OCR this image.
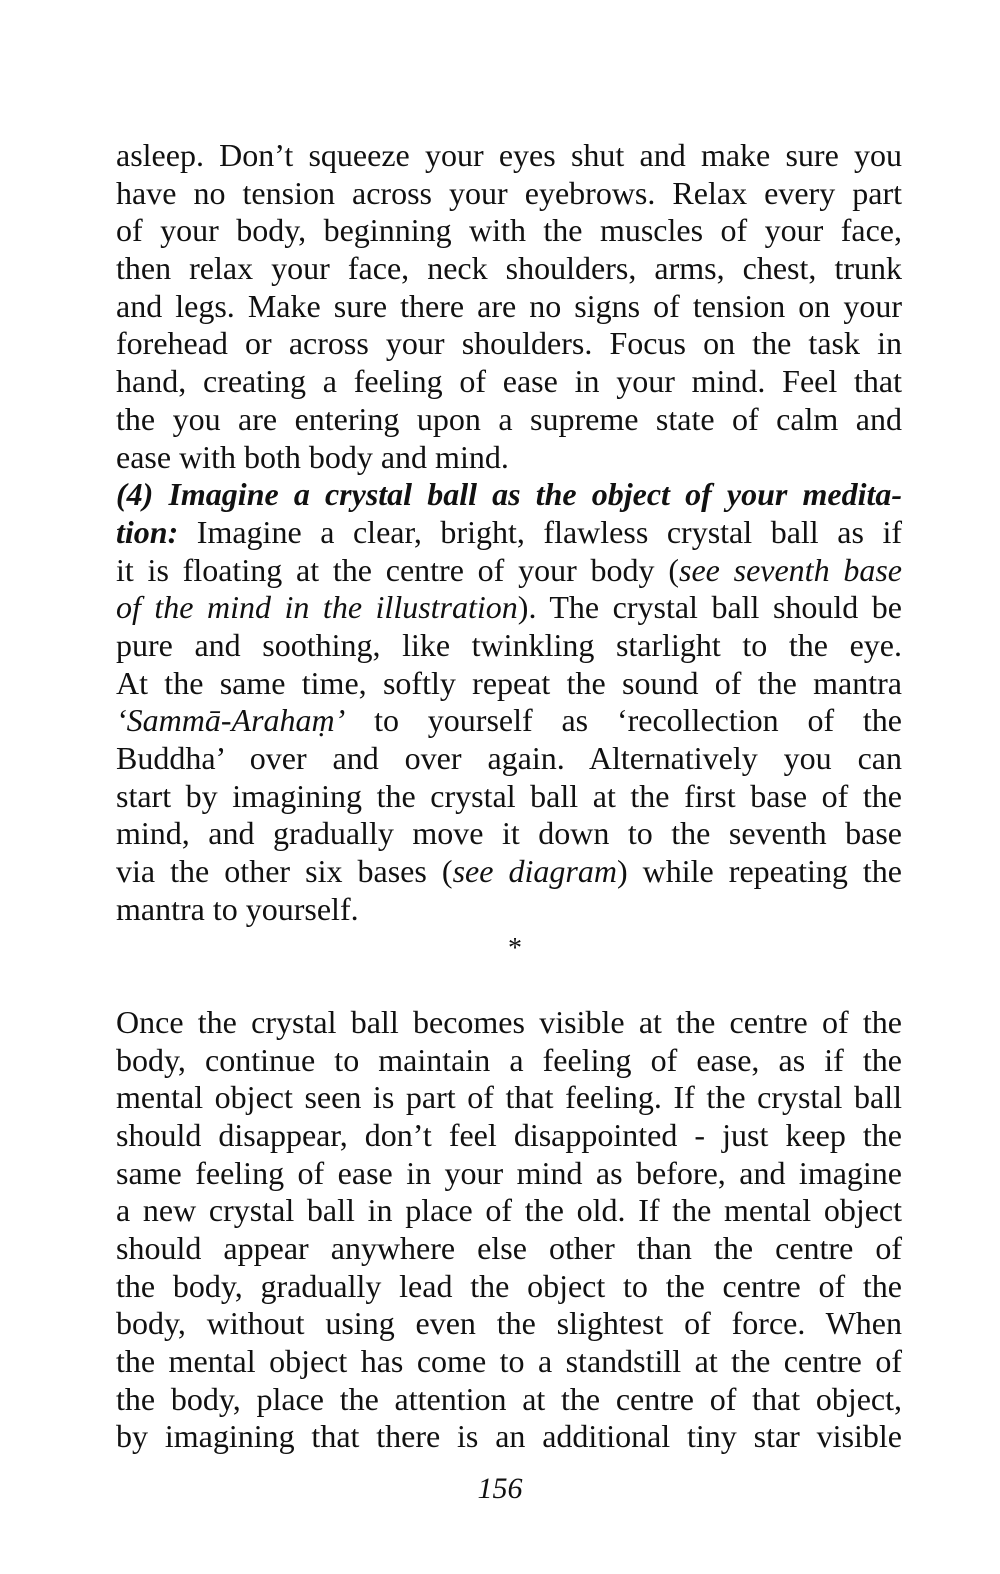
asleep. Don’t squeeze your eyes shut and make sure you
have no tension across your eyebrows. Relax every part
of your body, beginning with the muscles of your face,
then relax your face, neck shoulders, arms, chest, trunk
and legs. Make sure there are no signs of tension on your
forehead or across your shoulders. Focus on the task in
hand, creating a feeling of ease in your mind. Feel that
the you are entering upon a supreme state of calm and
ease with both body and mind.
(4) Imagine a crystal ball as the object of your medita-
tion: Imagine a clear, bright, flawless crystal ball as if
it is floating at the centre of your body (see seventh base
of the mind in the illustration). The crystal ball should be
pure and soothing, like twinkling starlight to the eye.
At the same time, softly repeat the sound of the mantra
‘Sammā-Arahaṃ’ to yourself as ‘recollection of the
Buddha’ over and over again. Alternatively you can
start by imagining the crystal ball at the first base of the
mind, and gradually move it down to the seventh base
via the other six bases (see diagram) while repeating the
mantra to yourself.
*
Once the crystal ball becomes visible at the centre of the
body, continue to maintain a feeling of ease, as if the
mental object seen is part of that feeling. If the crystal ball
should disappear, don’t feel disappointed - just keep the
same feeling of ease in your mind as before, and imagine
a new crystal ball in place of the old. If the mental object
should appear anywhere else other than the centre of
the body, gradually lead the object to the centre of the
body, without using even the slightest of force. When
the mental object has come to a standstill at the centre of
the body, place the attention at the centre of that object,
by imagining that there is an additional tiny star visible
156
